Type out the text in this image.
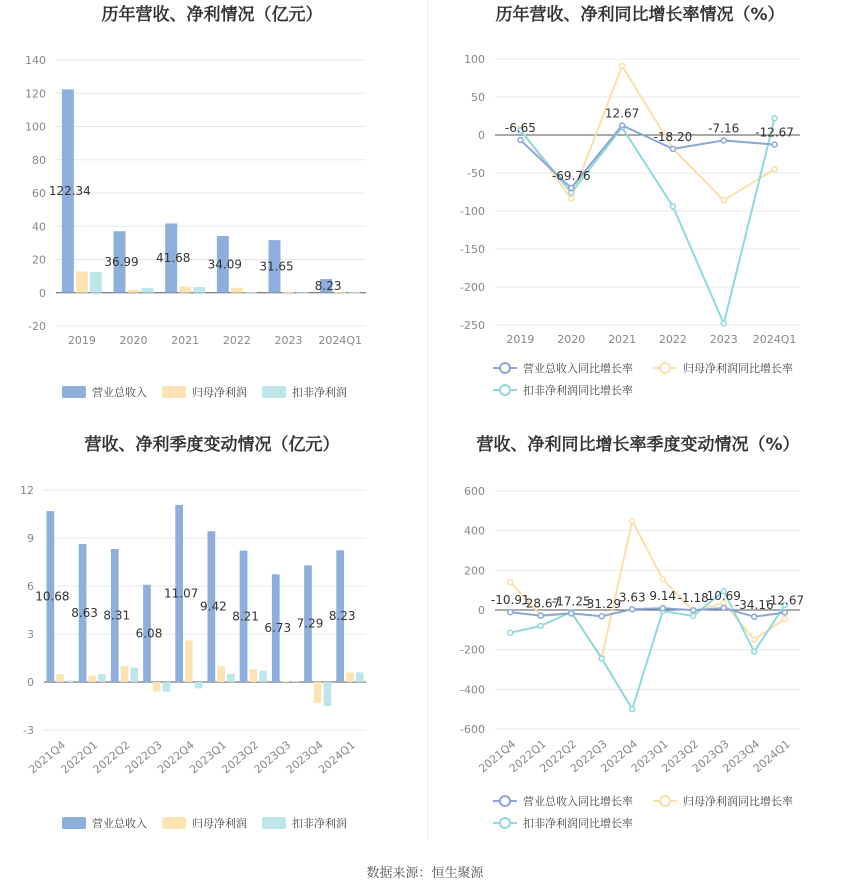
历年营收、净利情况（亿元）
140
120
100
80
60
40
20
0
-20
122.34
36.99 41.68 34.09 31.65
8.23
2019 2020 2021 2022 2023 2024Q1
营业总收入	归母净利润	扣非净利润
历年营收、净利同比增长率情况（%）
100
50
0
-50
-100
-150
-200
-250
-6.65
-69.76
12.67
-18.20
-7.16 -12.67
2019 2020 2021 2022 2023 2024Q1
营业总收入同比增长率	归母净利润同比增长率
扣非净利润同比增长率
营收、净利季度变动情况（亿元）
12
9
6
3
0
-3
10.68
8.63 8.31
6.08
11.07
9.42
8.21
6.73 7.29
8.23
2021Q4
2022Q1
2022Q2
2022Q3
2022Q4
2023Q1
2023Q2
2023Q3
2023Q4
2024Q1
营业总收入	归母净利润	扣非净利润
营收、净利同比增长率季度变动情况（%）
600
400
200
0
-200
-400
-600
-10.91
-28.67
-17.25
-31.29
3.63 9.14 -1.18
10.69
-34.16
-12.67
2021Q4
2022Q1
2022Q2
2022Q3
2022Q4
2023Q1
2023Q2
2023Q3
2023Q4
2024Q1
营业总收入同比增长率	归母净利润同比增长率
扣非净利润同比增长率
数据来源：恒生聚源
